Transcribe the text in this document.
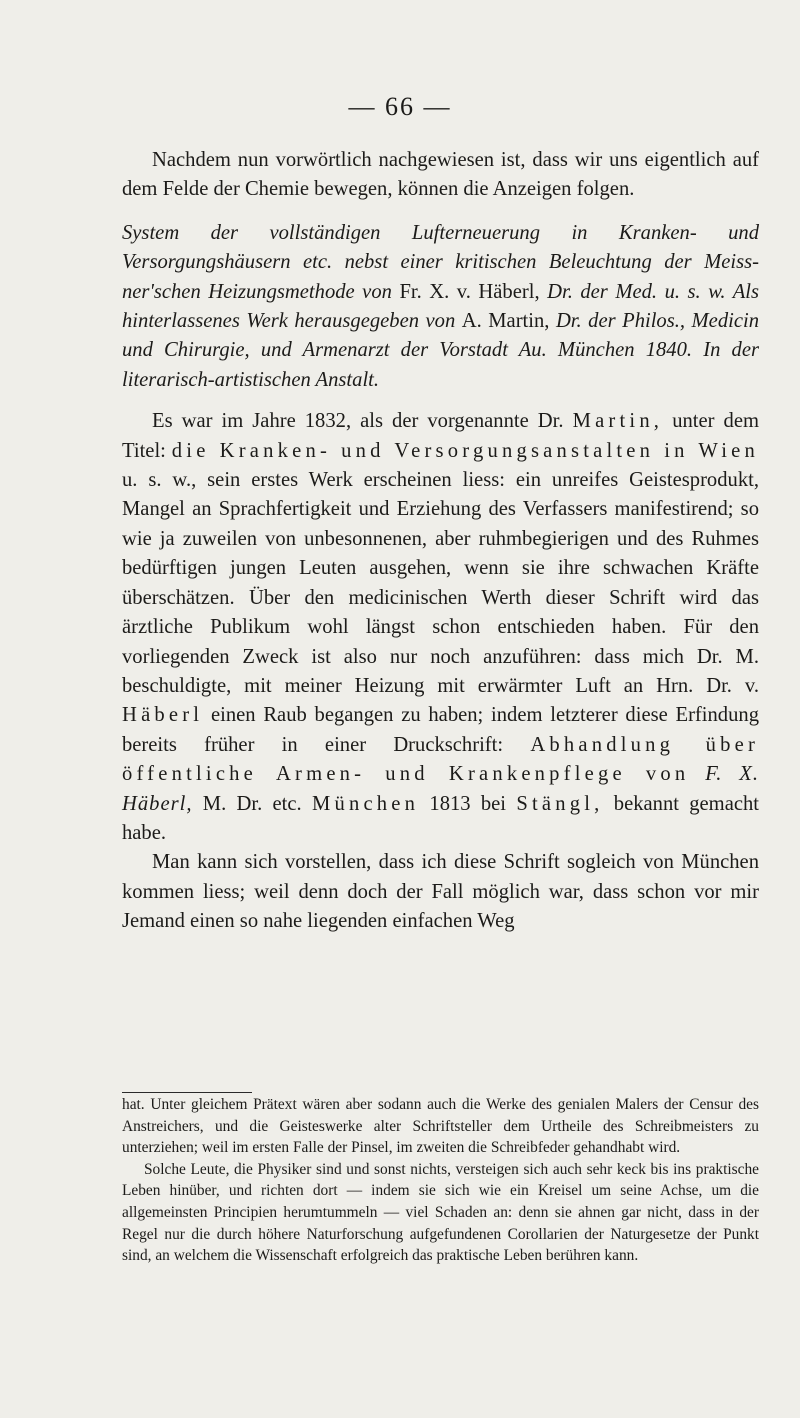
— 66 —

Nachdem nun vorwörtlich nachgewiesen ist, dass wir uns eigentlich auf dem Felde der Chemie bewegen, können die Anzeigen folgen.

System der vollständigen Lufterneuerung in Kranken- und Versorgungshäusern etc. nebst einer kritischen Beleuchtung der Meiss-ner'schen Heizungsmethode von Fr. X. v. Häberl, Dr. der Med. u. s. w. Als hinterlassenes Werk herausgegeben von A. Martin, Dr. der Philos., Medicin und Chirurgie, und Armenarzt der Vorstadt Au. München 1840. In der literarisch-artistischen Anstalt.

Es war im Jahre 1832, als der vorgenannte Dr. Martin, unter dem Titel: die Kranken- und Versorgungsanstalten in Wien u. s. w., sein erstes Werk erscheinen liess: ein unreifes Geistesprodukt, Mangel an Sprachfertigkeit und Erziehung des Verfassers manifestirend; so wie ja zuweilen von unbesonnenen, aber ruhmbegierigen und des Ruhmes bedürftigen jungen Leuten ausgehen, wenn sie ihre schwachen Kräfte überschätzen. Über den medicinischen Werth dieser Schrift wird das ärztliche Publikum wohl längst schon entschieden haben. Für den vorliegenden Zweck ist also nur noch anzuführen: dass mich Dr. M. beschuldigte, mit meiner Heizung mit erwärmter Luft an Hrn. Dr. v. Häberl einen Raub begangen zu haben; indem letzterer diese Erfindung bereits früher in einer Druckschrift: Abhandlung über öffentliche Armen- und Krankenpflege von F. X. Häberl, M. Dr. etc. München 1813 bei Stängl, bekannt gemacht habe.

Man kann sich vorstellen, dass ich diese Schrift sogleich von München kommen liess; weil denn doch der Fall möglich war, dass schon vor mir Jemand einen so nahe liegenden einfachen Weg

hat. Unter gleichem Prätext wären aber sodann auch die Werke des genialen Malers der Censur des Anstreichers, und die Geisteswerke alter Schriftsteller dem Urtheile des Schreibmeisters zu unterziehen; weil im ersten Falle der Pinsel, im zweiten die Schreibfeder gehandhabt wird.

Solche Leute, die Physiker sind und sonst nichts, versteigen sich auch sehr keck bis ins praktische Leben hinüber, und richten dort — indem sie sich wie ein Kreisel um seine Achse, um die allgemeinsten Principien herumtummeln — viel Schaden an: denn sie ahnen gar nicht, dass in der Regel nur die durch höhere Naturforschung aufgefundenen Corollarien der Naturgesetze der Punkt sind, an welchem die Wissenschaft erfolgreich das praktische Leben berühren kann.
